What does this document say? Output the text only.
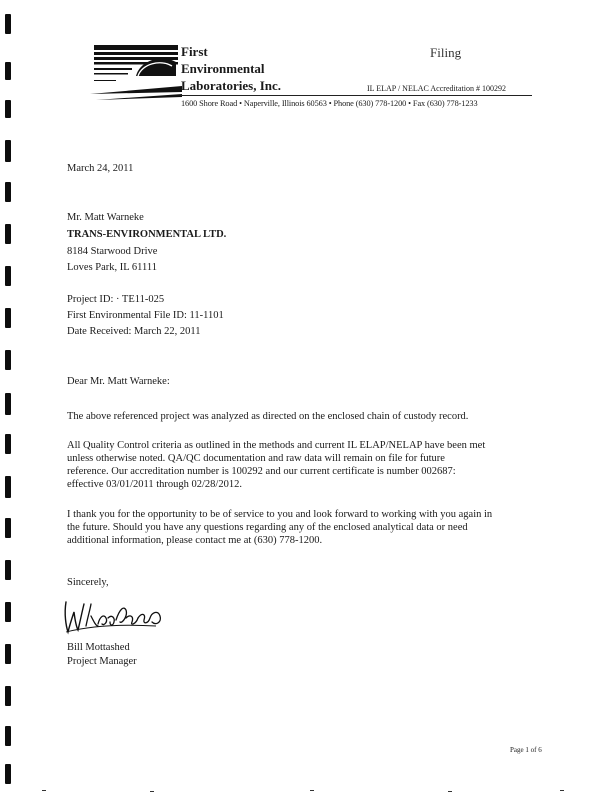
First
Environmental
Laboratories, Inc.
Filing
IL ELAP / NELAC Accreditation # 100292
1600 Shore Road • Naperville, Illinois 60563 • Phone (630) 778-1200 • Fax (630) 778-1233
March 24, 2011
Mr. Matt Warneke
TRANS-ENVIRONMENTAL LTD.
8184 Starwood Drive
Loves Park, IL 61111
Project ID: · TE11-025
First Environmental File ID: 11-1101
Date Received: March 22, 2011
Dear Mr. Matt Warneke:
The above referenced project was analyzed as directed on the enclosed chain of custody record.
All Quality Control criteria as outlined in the methods and current IL ELAP/NELAP have been met
unless otherwise noted. QA/QC documentation and raw data will remain on file for future
reference. Our accreditation number is 100292 and our current certificate is number 002687:
effective 03/01/2011 through 02/28/2012.
I thank you for the opportunity to be of service to you and look forward to working with you again in
the future. Should you have any questions regarding any of the enclosed analytical data or need
additional information, please contact me at (630) 778-1200.
Sincerely,
Bill Mottashed
Project Manager
Page 1 of 6
